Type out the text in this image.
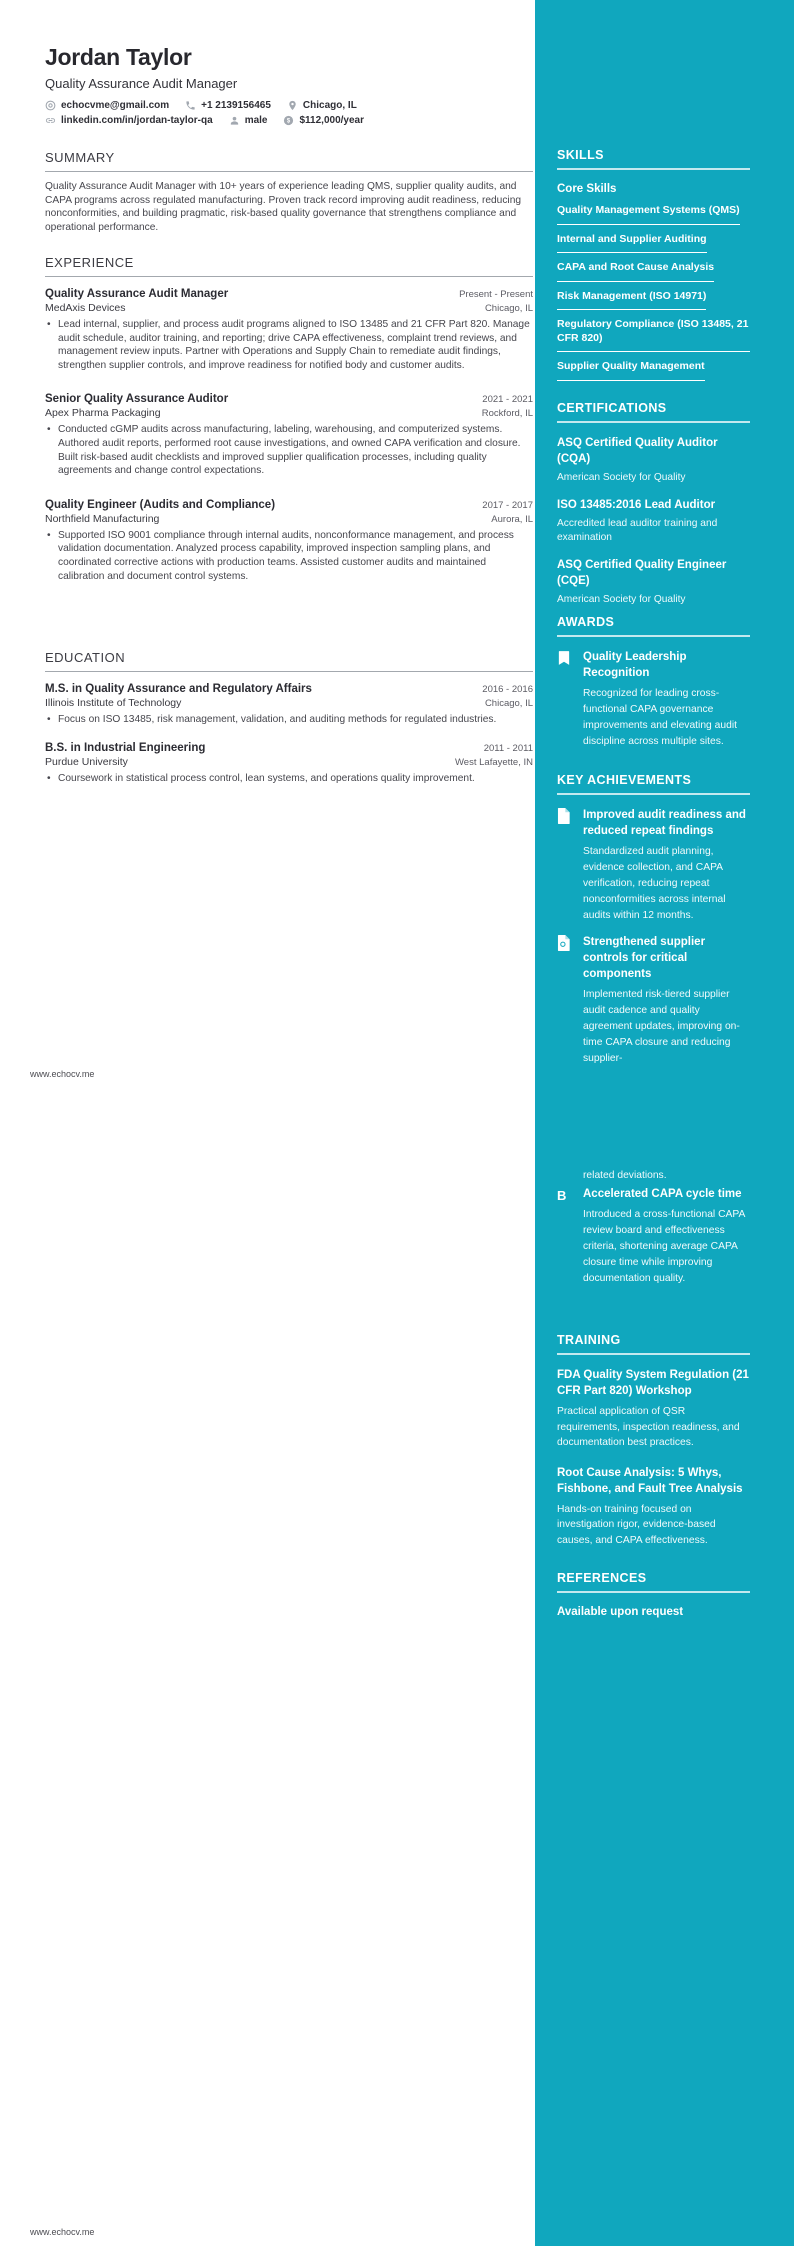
SKILLS
Core Skills
Quality Management Systems (QMS)
Internal and Supplier Auditing
CAPA and Root Cause Analysis
Risk Management (ISO 14971)
Regulatory Compliance (ISO 13485, 21 CFR 820)
Supplier Quality Management
CERTIFICATIONS
ASQ Certified Quality Auditor (CQA)
American Society for Quality
ISO 13485:2016 Lead Auditor
Accredited lead auditor training and examination
ASQ Certified Quality Engineer (CQE)
American Society for Quality
AWARDS
Quality Leadership Recognition
Recognized for leading cross-functional CAPA governance improvements and elevating audit discipline across multiple sites.
KEY ACHIEVEMENTS
Improved audit readiness and reduced repeat findings
Standardized audit planning, evidence collection, and CAPA verification, reducing repeat nonconformities across internal audits within 12 months.
Strengthened supplier controls for critical components
Implemented risk-tiered supplier audit cadence and quality agreement updates, improving on-time CAPA closure and reducing supplier-
related deviations.
B	Accelerated CAPA cycle time
Introduced a cross-functional CAPA review board and effectiveness criteria, shortening average CAPA closure time while improving documentation quality.
TRAINING
FDA Quality System Regulation (21 CFR Part 820) Workshop
Practical application of QSR requirements, inspection readiness, and documentation best practices.
Root Cause Analysis: 5 Whys, Fishbone, and Fault Tree Analysis
Hands-on training focused on investigation rigor, evidence-based causes, and CAPA effectiveness.
REFERENCES
Available upon request
Jordan Taylor
Quality Assurance Audit Manager
echocvme@gmail.com	+1 2139156465	Chicago, IL
linkedin.com/in/jordan-taylor-qa	male $ $112,000/year
SUMMARY
Quality Assurance Audit Manager with 10+ years of experience leading QMS, supplier quality audits, and CAPA programs across regulated manufacturing. Proven track record improving audit readiness, reducing nonconformities, and building pragmatic, risk-based quality governance that strengthens compliance and operational performance.
EXPERIENCE
Quality Assurance Audit Manager	Present - Present
MedAxis Devices	Chicago, IL
• Lead internal, supplier, and process audit programs aligned to ISO 13485 and 21 CFR Part 820. Manage audit schedule, auditor training, and reporting; drive CAPA effectiveness, complaint trend reviews, and management review inputs. Partner with Operations and Supply Chain to remediate audit findings, strengthen supplier controls, and improve readiness for notified body and customer audits.
Senior Quality Assurance Auditor	2021 - 2021
Apex Pharma Packaging	Rockford, IL
• Conducted cGMP audits across manufacturing, labeling, warehousing, and computerized systems. Authored audit reports, performed root cause investigations, and owned CAPA verification and closure. Built risk-based audit checklists and improved supplier qualification processes, including quality agreements and change control expectations.
Quality Engineer (Audits and Compliance)	2017 - 2017
Northfield Manufacturing	Aurora, IL
• Supported ISO 9001 compliance through internal audits, nonconformance management, and process validation documentation. Analyzed process capability, improved inspection sampling plans, and coordinated corrective actions with production teams. Assisted customer audits and maintained calibration and document control systems.
EDUCATION
M.S. in Quality Assurance and Regulatory Affairs	2016 - 2016
Illinois Institute of Technology	Chicago, IL
• Focus on ISO 13485, risk management, validation, and auditing methods for regulated industries.
B.S. in Industrial Engineering	2011 - 2011
Purdue University	West Lafayette, IN
• Coursework in statistical process control, lean systems, and operations quality improvement.
www.echocv.me
www.echocv.me
